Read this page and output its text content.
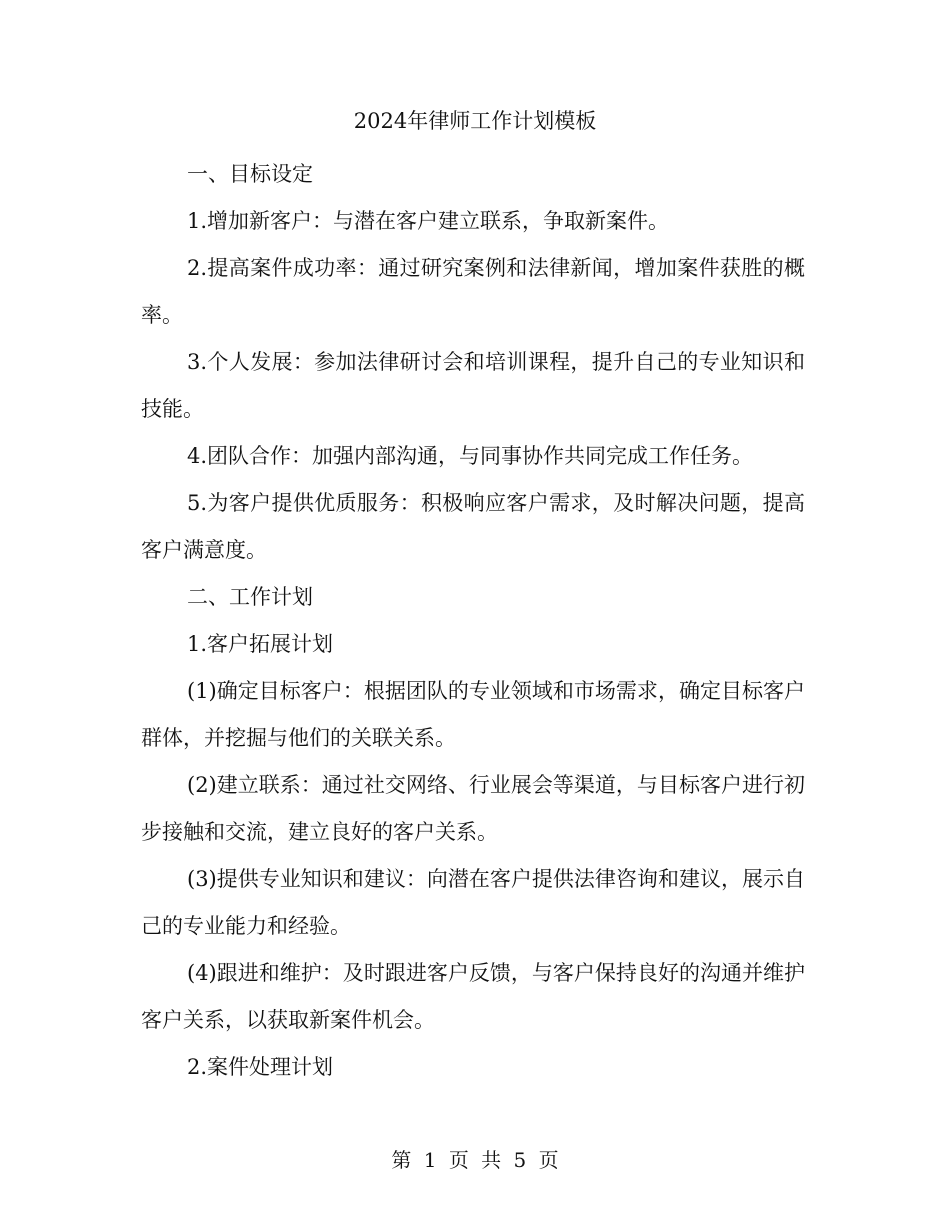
2024年律师工作计划模板

一、目标设定

1.增加新客户：与潜在客户建立联系，争取新案件。

2.提高案件成功率：通过研究案例和法律新闻，增加案件获胜的概率。

3.个人发展：参加法律研讨会和培训课程，提升自己的专业知识和技能。

4.团队合作：加强内部沟通，与同事协作共同完成工作任务。

5.为客户提供优质服务：积极响应客户需求，及时解决问题，提高客户满意度。

二、工作计划

1.客户拓展计划

(1)确定目标客户：根据团队的专业领域和市场需求，确定目标客户群体，并挖掘与他们的关联关系。

(2)建立联系：通过社交网络、行业展会等渠道，与目标客户进行初步接触和交流，建立良好的客户关系。

(3)提供专业知识和建议：向潜在客户提供法律咨询和建议，展示自己的专业能力和经验。

(4)跟进和维护：及时跟进客户反馈，与客户保持良好的沟通并维护客户关系，以获取新案件机会。

2.案件处理计划

第 1 页 共 5 页
